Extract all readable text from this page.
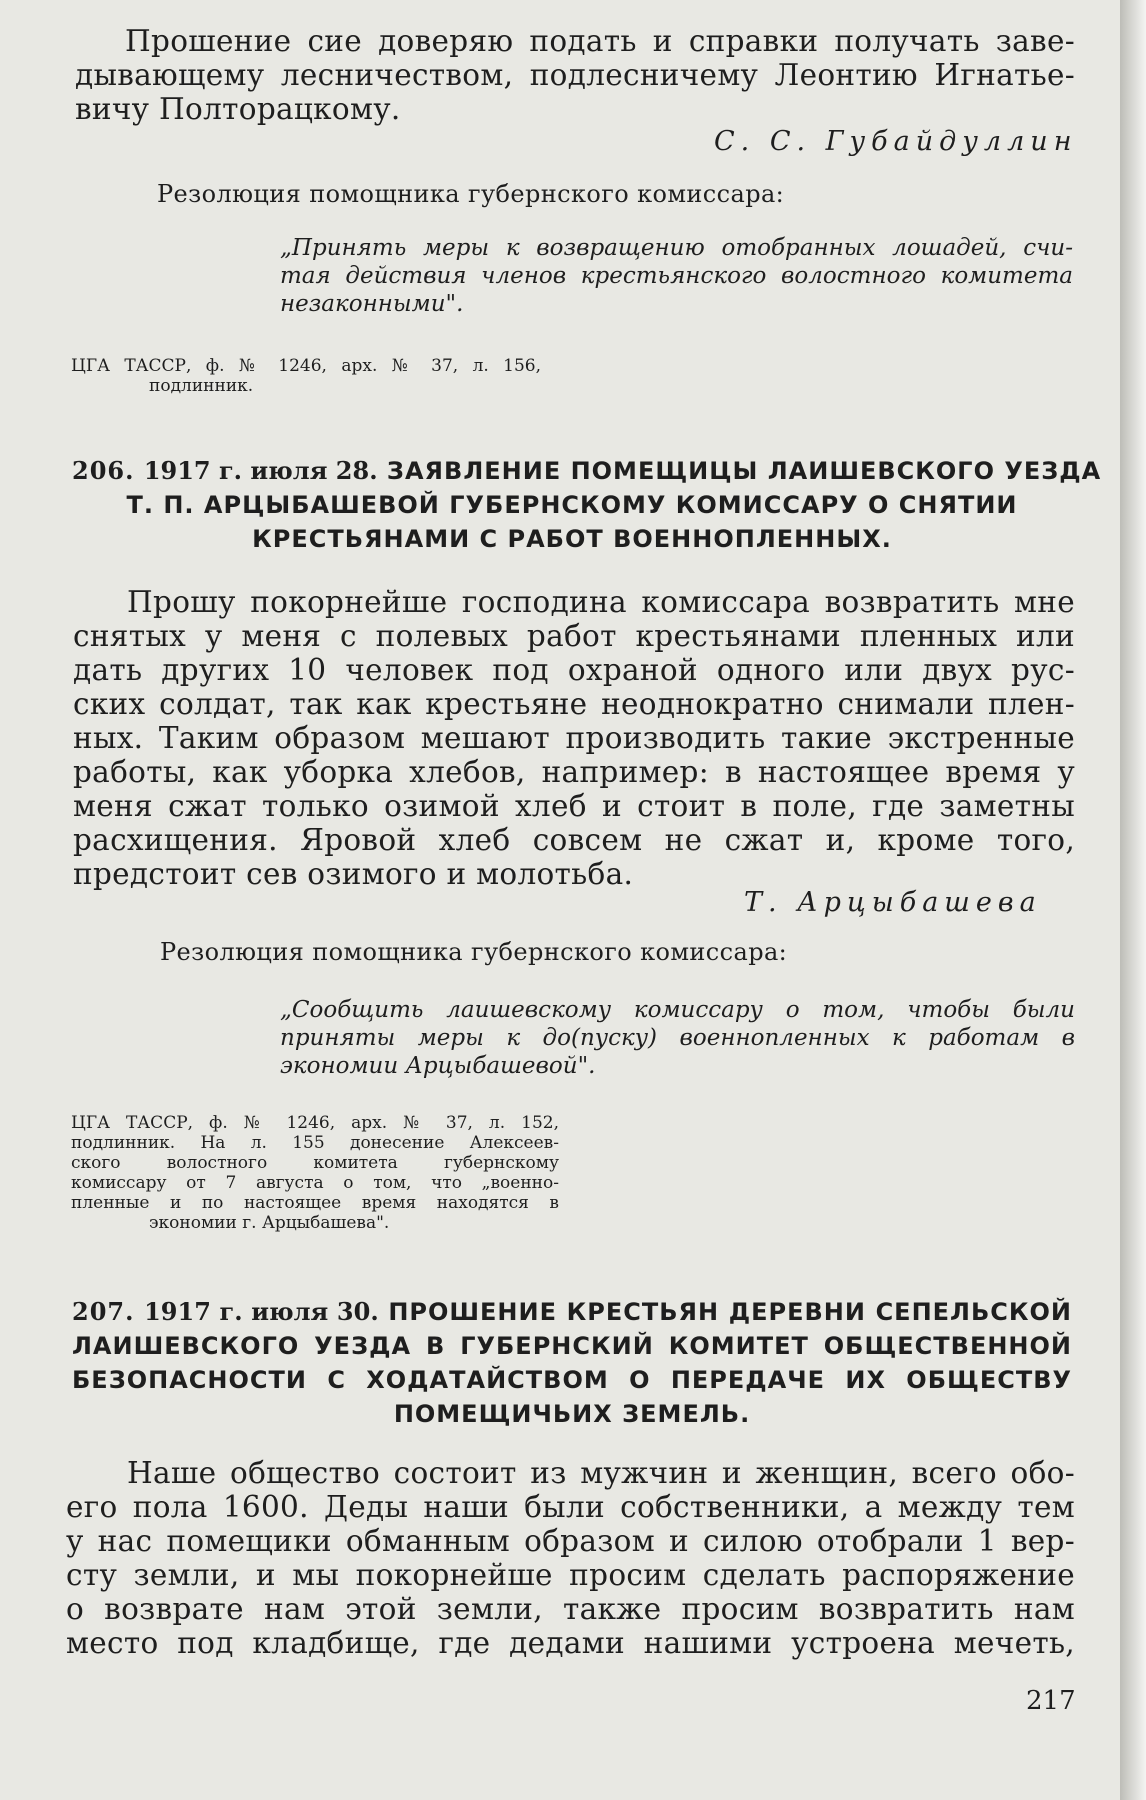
Прошение сие доверяю подать и справки получать заве-
дывающему лесничеством, подлесничему Леонтию Игнатье-
вичу Полторацкому.
С. С. Губайдуллин
Резолюция помощника губернского комиссара:
„Принять меры к возвращению отобранных лошадей, счи-
тая действия членов крестьянского волостного комитета
незаконными".
ЦГА ТАССР, ф. № 1246, арх. № 37, л. 156,
подлинник.
206. 1917 г. июля 28. ЗАЯВЛЕНИЕ ПОМЕЩИЦЫ ЛАИШЕВСКОГО УЕЗДА
Т. П. АРЦЫБАШЕВОЙ ГУБЕРНСКОМУ КОМИССАРУ О СНЯТИИ
КРЕСТЬЯНАМИ С РАБОТ ВОЕННОПЛЕННЫХ.
Прошу покорнейше господина комиссара возвратить мне
снятых у меня с полевых работ крестьянами пленных или
дать других 10 человек под охраной одного или двух рус-
ских солдат, так как крестьяне неоднократно снимали плен-
ных. Таким образом мешают производить такие экстренные
работы, как уборка хлебов, например: в настоящее время у
меня сжат только озимой хлеб и стоит в поле, где заметны
расхищения. Яровой хлеб совсем не сжат и, кроме того,
предстоит сев озимого и молотьба.
Т. Арцыбашева
Резолюция помощника губернского комиссара:
„Сообщить лаишевскому комиссару о том, чтобы были
приняты меры к до(пуску) военнопленных к работам в
экономии Арцыбашевой".
ЦГА ТАССР, ф. № 1246, арх. № 37, л. 152,
подлинник. На л. 155 донесение Алексеев-
ского волостного комитета губернскому
комиссару от 7 августа о том, что „военно-
пленные и по настоящее время находятся в
экономии г. Арцыбашева".
207. 1917 г. июля 30. ПРОШЕНИЕ КРЕСТЬЯН ДЕРЕВНИ СЕПЕЛЬСКОЙ
ЛАИШЕВСКОГО УЕЗДА В ГУБЕРНСКИЙ КОМИТЕТ ОБЩЕСТВЕННОЙ
БЕЗОПАСНОСТИ С ХОДАТАЙСТВОМ О ПЕРЕДАЧЕ ИХ ОБЩЕСТВУ
ПОМЕЩИЧЬИХ ЗЕМЕЛЬ.
Наше общество состоит из мужчин и женщин, всего обо-
его пола 1600. Деды наши были собственники, а между тем
у нас помещики обманным образом и силою отобрали 1 вер-
сту земли, и мы покорнейше просим сделать распоряжение
о возврате нам этой земли, также просим возвратить нам
место под кладбище, где дедами нашими устроена мечеть,
217
